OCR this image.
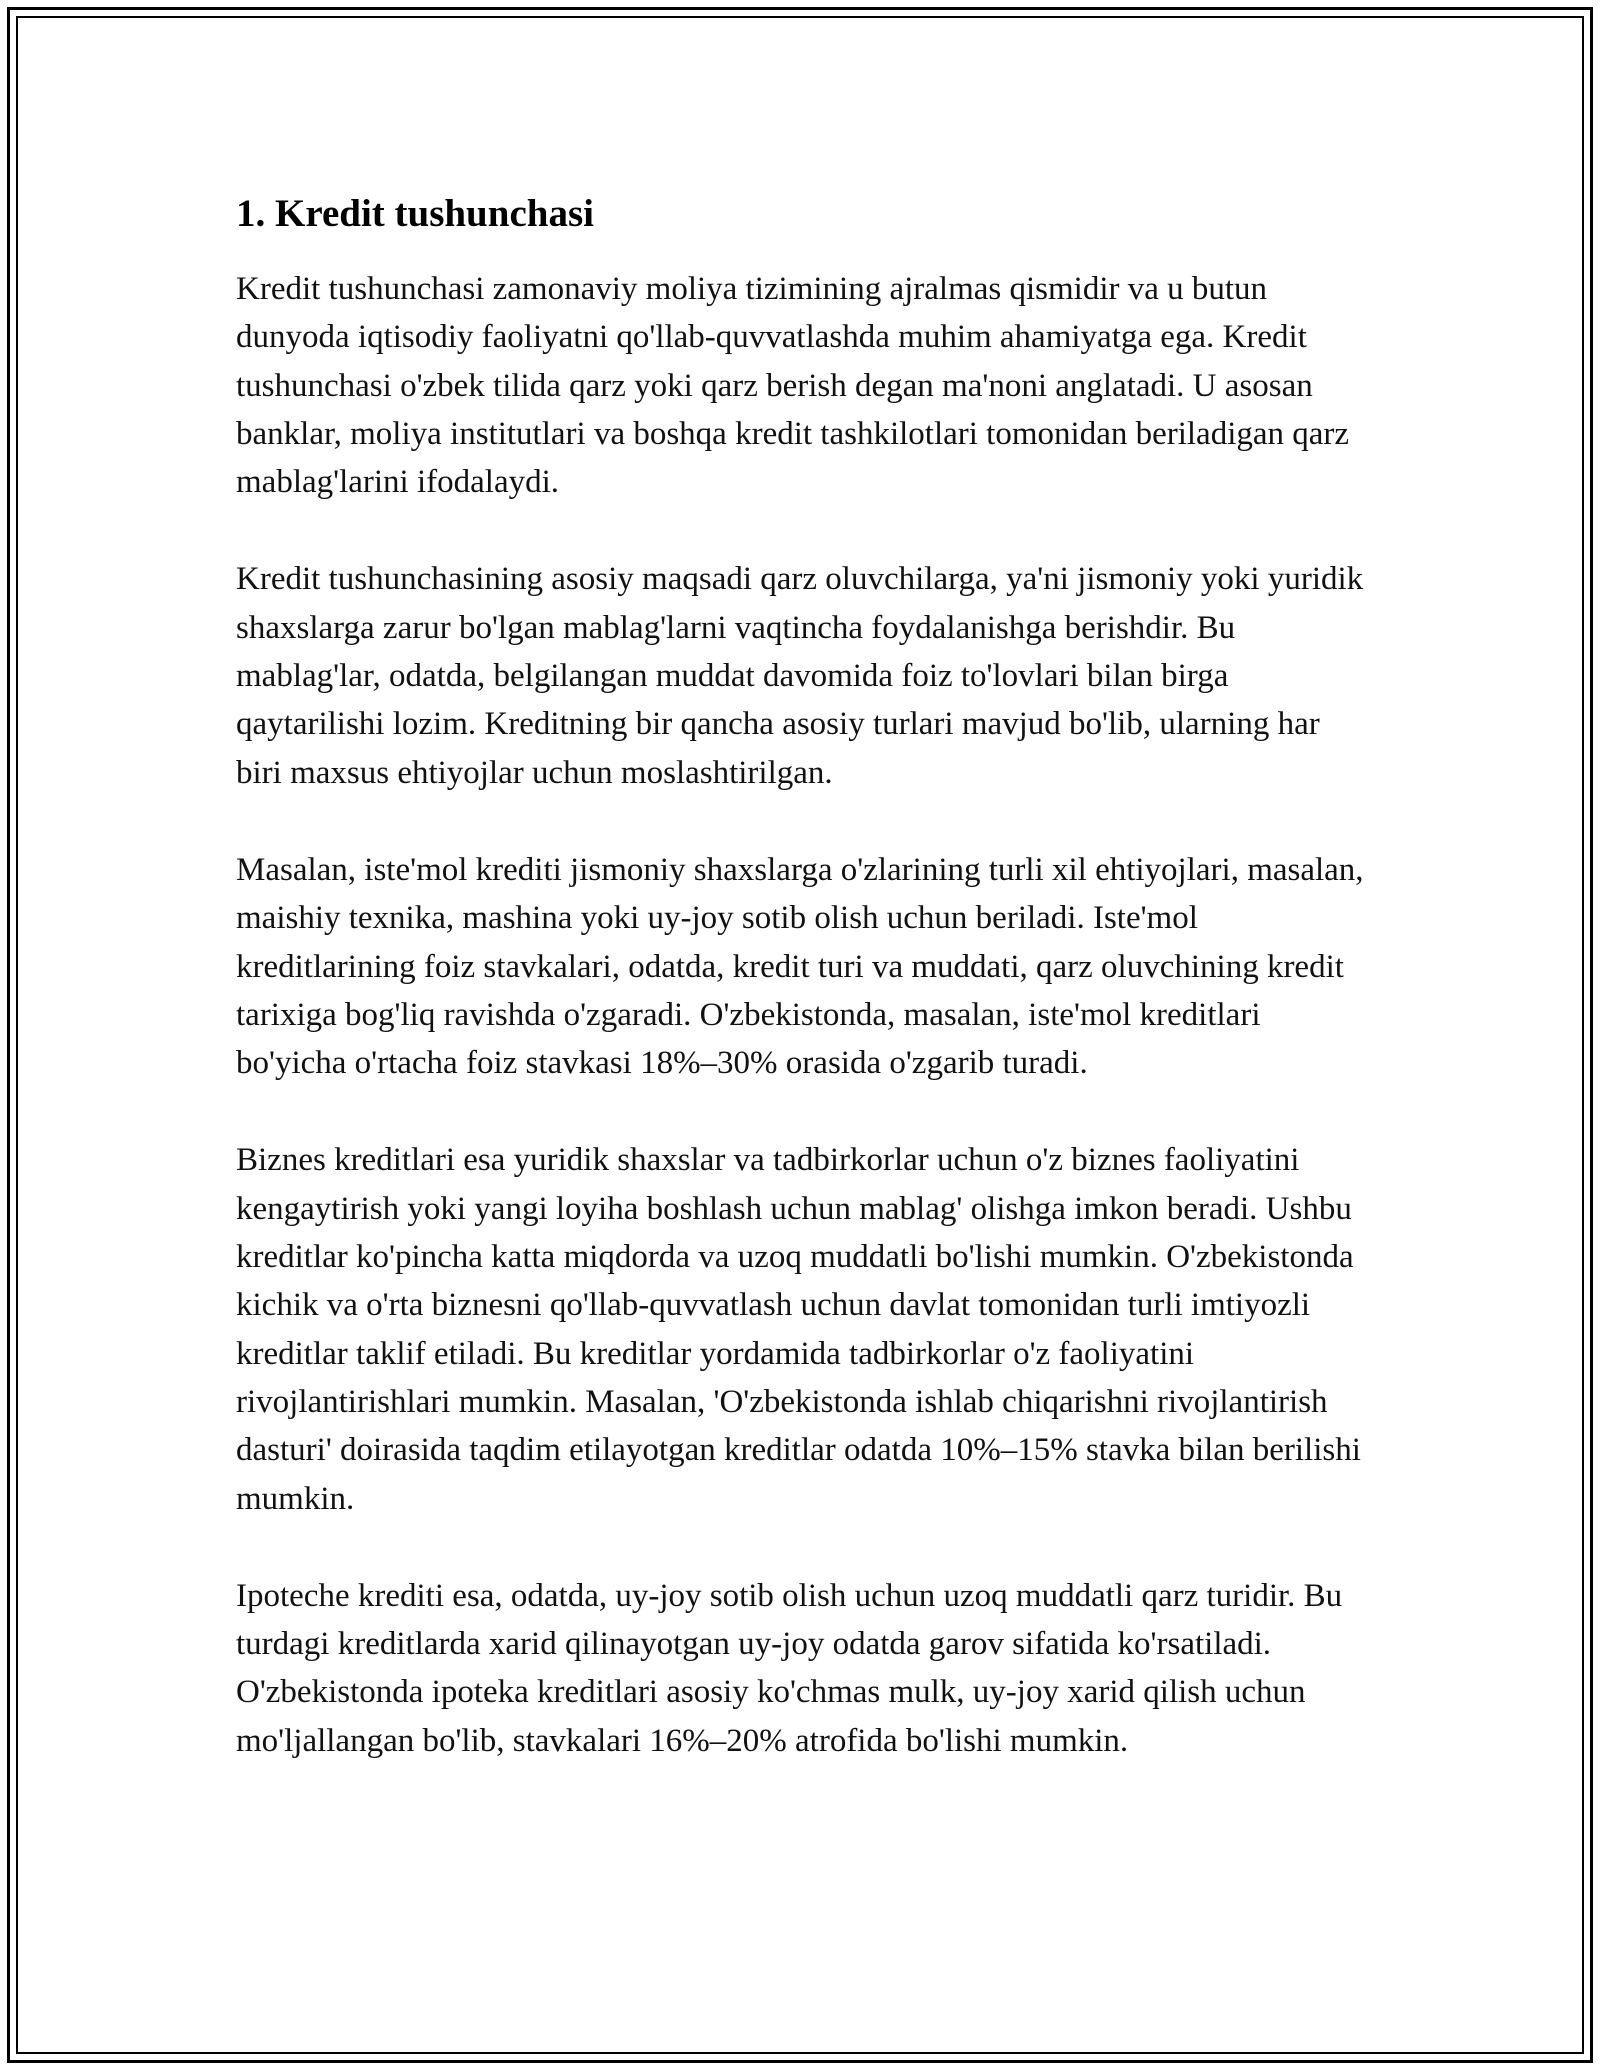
1. Kredit tushunchasi

Kredit tushunchasi zamonaviy moliya tizimining ajralmas qismidir va u butun dunyoda iqtisodiy faoliyatni qo'llab-quvvatlashda muhim ahamiyatga ega. Kredit tushunchasi o'zbek tilida qarz yoki qarz berish degan ma'noni anglatadi. U asosan banklar, moliya institutlari va boshqa kredit tashkilotlari tomonidan beriladigan qarz mablag'larini ifodalaydi.

Kredit tushunchasining asosiy maqsadi qarz oluvchilarga, ya'ni jismoniy yoki yuridik shaxslarga zarur bo'lgan mablag'larni vaqtincha foydalanishga berishdir. Bu mablag'lar, odatda, belgilangan muddat davomida foiz to'lovlari bilan birga qaytarilishi lozim. Kreditning bir qancha asosiy turlari mavjud bo'lib, ularning har biri maxsus ehtiyojlar uchun moslashtirilgan.

Masalan, iste'mol krediti jismoniy shaxslarga o'zlarining turli xil ehtiyojlari, masalan, maishiy texnika, mashina yoki uy-joy sotib olish uchun beriladi. Iste'mol kreditlarining foiz stavkalari, odatda, kredit turi va muddati, qarz oluvchining kredit tarixiga bog'liq ravishda o'zgaradi. O'zbekistonda, masalan, iste'mol kreditlari bo'yicha o'rtacha foiz stavkasi 18%–30% orasida o'zgarib turadi.

Biznes kreditlari esa yuridik shaxslar va tadbirkorlar uchun o'z biznes faoliyatini kengaytirish yoki yangi loyiha boshlash uchun mablag' olishga imkon beradi. Ushbu kreditlar ko'pincha katta miqdorda va uzoq muddatli bo'lishi mumkin. O'zbekistonda kichik va o'rta biznesni qo'llab-quvvatlash uchun davlat tomonidan turli imtiyozli kreditlar taklif etiladi. Bu kreditlar yordamida tadbirkorlar o'z faoliyatini rivojlantirishlari mumkin. Masalan, 'O'zbekistonda ishlab chiqarishni rivojlantirish dasturi' doirasida taqdim etilayotgan kreditlar odatda 10%–15% stavka bilan berilishi mumkin.

Ipoteche krediti esa, odatda, uy-joy sotib olish uchun uzoq muddatli qarz turidir. Bu turdagi kreditlarda xarid qilinayotgan uy-joy odatda garov sifatida ko'rsatiladi. O'zbekistonda ipoteka kreditlari asosiy ko'chmas mulk, uy-joy xarid qilish uchun mo'ljallangan bo'lib, stavkalari 16%–20% atrofida bo'lishi mumkin.
